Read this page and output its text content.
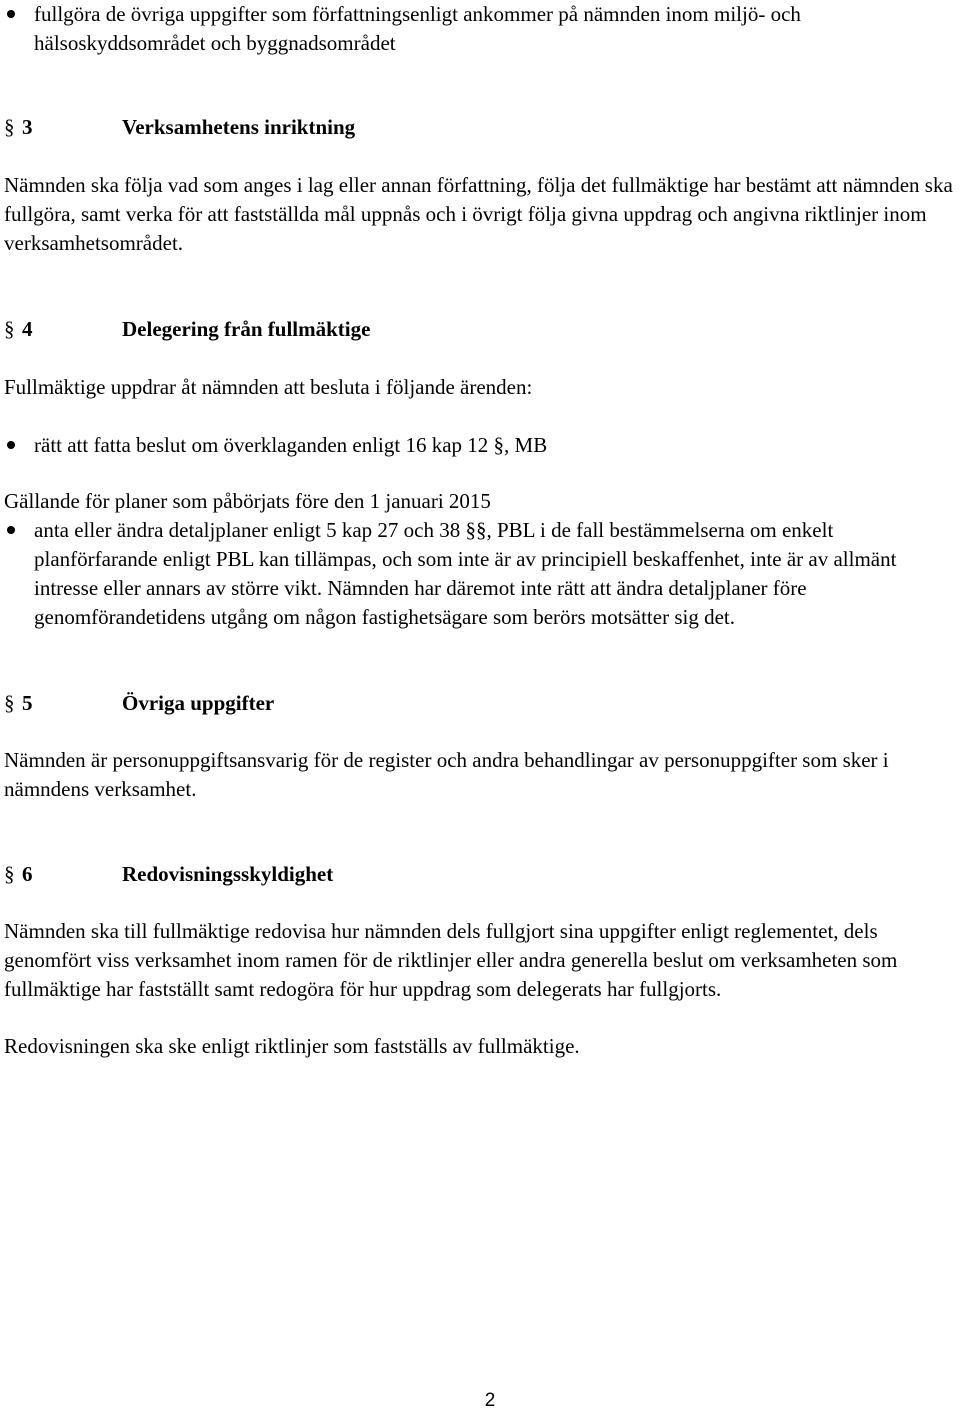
fullgöra de övriga uppgifter som författningsenligt ankommer på nämnden inom miljö- och hälsoskyddsområdet och byggnadsområdet

§ 3	Verksamhetens inriktning

Nämnden ska följa vad som anges i lag eller annan författning, följa det fullmäktige har bestämt att nämnden ska fullgöra, samt verka för att fastställda mål uppnås och i övrigt följa givna uppdrag och angivna riktlinjer inom verksamhetsområdet.

§ 4	Delegering från fullmäktige

Fullmäktige uppdrar åt nämnden att besluta i följande ärenden:

rätt att fatta beslut om överklaganden enligt 16 kap 12 §, MB

Gällande för planer som påbörjats före den 1 januari 2015

anta eller ändra detaljplaner enligt 5 kap 27 och 38 §§, PBL i de fall bestämmelserna om enkelt planförfarande enligt PBL kan tillämpas, och som inte är av principiell beskaffenhet, inte är av allmänt intresse eller annars av större vikt. Nämnden har däremot inte rätt att ändra detaljplaner före genomförandetidens utgång om någon fastighetsägare som berörs motsätter sig det.

§ 5	Övriga uppgifter

Nämnden är personuppgiftsansvarig för de register och andra behandlingar av personuppgifter som sker i nämndens verksamhet.

§ 6	Redovisningsskyldighet

Nämnden ska till fullmäktige redovisa hur nämnden dels fullgjort sina uppgifter enligt reglementet, dels genomfört viss verksamhet inom ramen för de riktlinjer eller andra generella beslut om verksamheten som fullmäktige har fastställt samt redogöra för hur uppdrag som delegerats har fullgjorts.

Redovisningen ska ske enligt riktlinjer som fastställs av fullmäktige.

2
